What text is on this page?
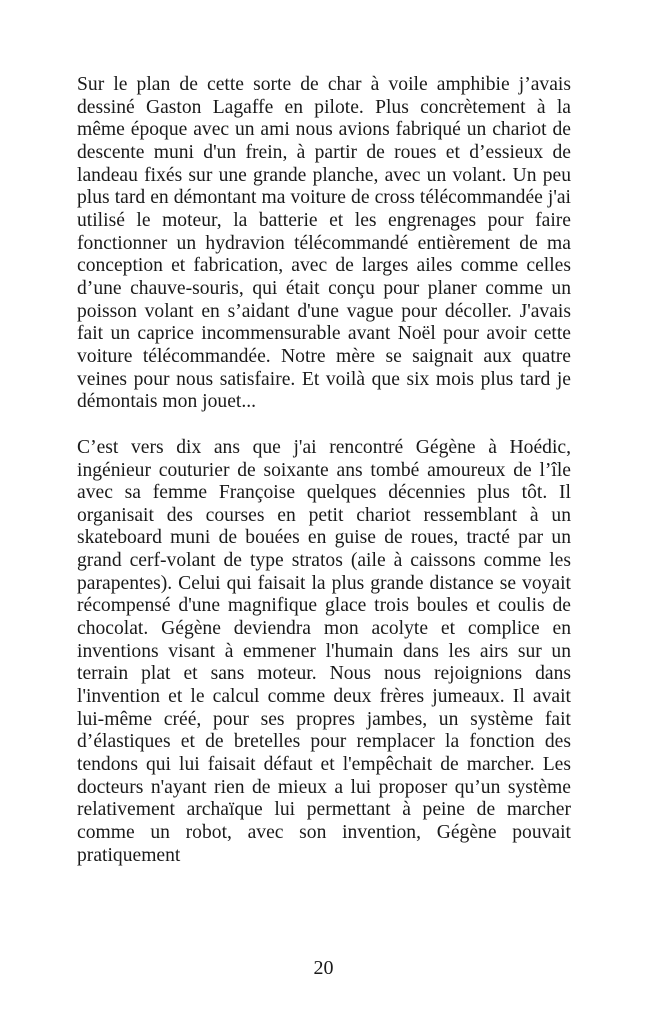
Sur le plan de cette sorte de char à voile amphibie j’avais dessiné Gaston Lagaffe en pilote. Plus concrètement à la même époque avec un ami nous avions fabriqué un chariot de descente muni d'un frein, à partir de roues et d’essieux de landeau fixés sur une grande planche, avec un volant. Un peu plus tard en démontant ma voiture de cross télécommandée j'ai utilisé le moteur, la batterie et les engrenages pour faire fonctionner un hydravion télécommandé entièrement de ma conception et fabrication, avec de larges ailes comme celles d’une chauve-souris, qui était conçu pour planer comme un poisson volant en s’aidant d'une vague pour décoller. J'avais fait un caprice incommensurable avant Noël pour avoir cette voiture télécommandée. Notre mère se saignait aux quatre veines pour nous satisfaire. Et voilà que six mois plus tard je démontais mon jouet...

C’est vers dix ans que j'ai rencontré Gégène à Hoédic, ingénieur couturier de soixante ans tombé amoureux de l’île avec sa femme Françoise quelques décennies plus tôt. Il organisait des courses en petit chariot ressemblant à un skateboard muni de bouées en guise de roues, tracté par un grand cerf-volant de type stratos (aile à caissons comme les parapentes). Celui qui faisait la plus grande distance se voyait récompensé d'une magnifique glace trois boules et coulis de chocolat. Gégène deviendra mon acolyte et complice en inventions visant à emmener l'humain dans les airs sur un terrain plat et sans moteur. Nous nous rejoignions dans l'invention et le calcul comme deux frères jumeaux. Il avait lui-même créé, pour ses propres jambes, un système fait d’élastiques et de bretelles pour remplacer la fonction des tendons qui lui faisait défaut et l'empêchait de marcher. Les docteurs n'ayant rien de mieux a lui proposer qu’un système relativement archaïque lui permettant à peine de marcher comme un robot, avec son invention, Gégène pouvait pratiquement

20
